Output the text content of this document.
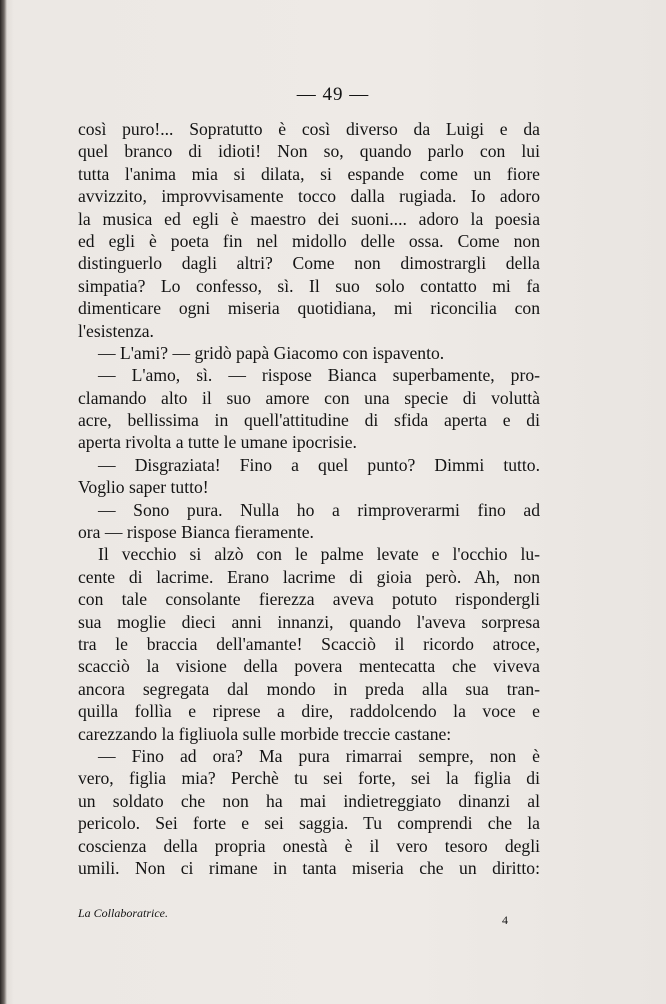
— 49 —
così puro!... Sopratutto è così diverso da Luigi e da
quel branco di idioti! Non so, quando parlo con lui
tutta l'anima mia si dilata, si espande come un fiore
avvizzito, improvvisamente tocco dalla rugiada. Io adoro
la musica ed egli è maestro dei suoni.... adoro la poesia
ed egli è poeta fin nel midollo delle ossa. Come non
distinguerlo dagli altri? Come non dimostrargli della
simpatia? Lo confesso, sì. Il suo solo contatto mi fa
dimenticare ogni miseria quotidiana, mi riconcilia con
l'esistenza.
— L'ami? — gridò papà Giacomo con ispavento.
— L'amo, sì. — rispose Bianca superbamente, pro-
clamando alto il suo amore con una specie di voluttà
acre, bellissima in quell'attitudine di sfida aperta e di
aperta rivolta a tutte le umane ipocrisie.
— Disgraziata! Fino a quel punto? Dimmi tutto.
Voglio saper tutto!
— Sono pura. Nulla ho a rimproverarmi fino ad
ora — rispose Bianca fieramente.
Il vecchio si alzò con le palme levate e l'occhio lu-
cente di lacrime. Erano lacrime di gioia però. Ah, non
con tale consolante fierezza aveva potuto rispondergli
sua moglie dieci anni innanzi, quando l'aveva sorpresa
tra le braccia dell'amante! Scacciò il ricordo atroce,
scacciò la visione della povera mentecatta che viveva
ancora segregata dal mondo in preda alla sua tran-
quilla follìa e riprese a dire, raddolcendo la voce e
carezzando la figliuola sulle morbide treccie castane:
— Fino ad ora? Ma pura rimarrai sempre, non è
vero, figlia mia? Perchè tu sei forte, sei la figlia di
un soldato che non ha mai indietreggiato dinanzi al
pericolo. Sei forte e sei saggia. Tu comprendi che la
coscienza della propria onestà è il vero tesoro degli
umili. Non ci rimane in tanta miseria che un diritto:
La Collaboratrice.	4
